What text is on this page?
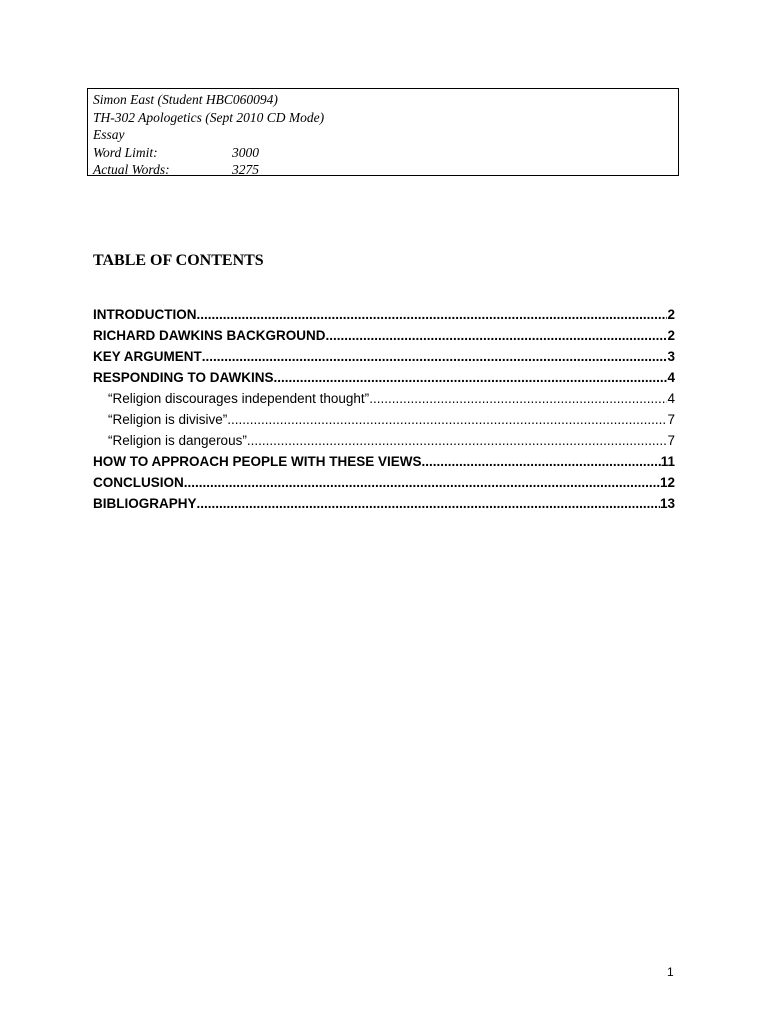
Simon East (Student HBC060094)
TH-302 Apologetics (Sept 2010 CD Mode)
Essay
Word Limit:	3000
Actual Words:	3275
TABLE OF CONTENTS
INTRODUCTION .....	2
RICHARD DAWKINS BACKGROUND .....	2
KEY ARGUMENT .....	3
RESPONDING TO DAWKINS .....	4
“Religion discourages independent thought” .....	4
“Religion is divisive” .....	7
“Religion is dangerous” .....	7
HOW TO APPROACH PEOPLE WITH THESE VIEWS .....	11
CONCLUSION .....	12
BIBLIOGRAPHY .....	13
1
